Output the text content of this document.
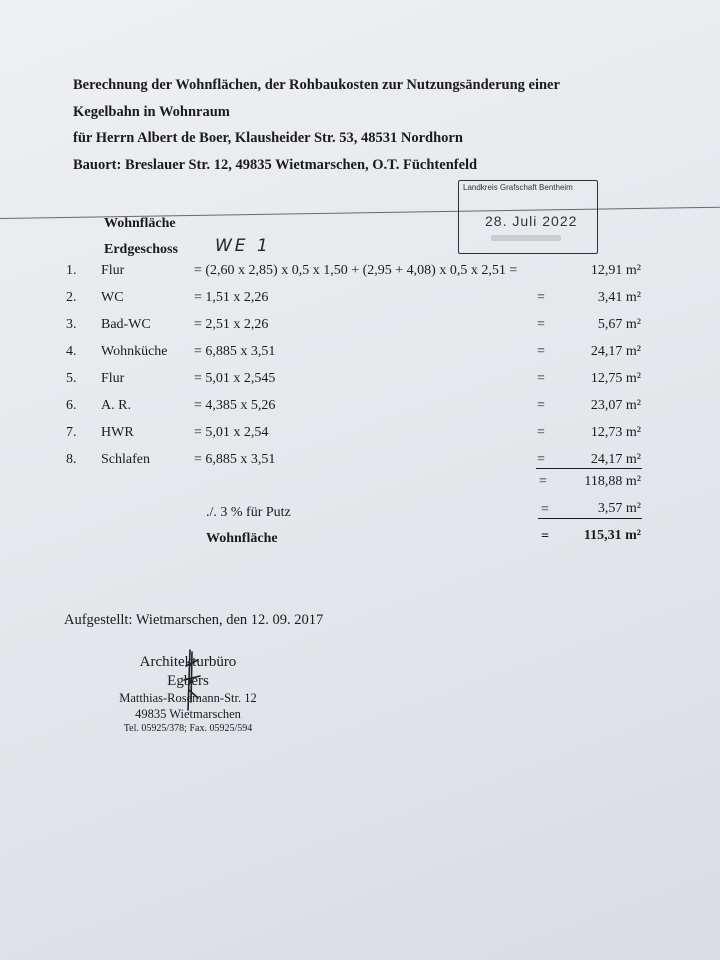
Berechnung der Wohnflächen, der Rohbaukosten zur Nutzungsänderung einer
Kegelbahn in Wohnraum
für Herrn Albert de Boer, Klausheider Str. 53, 48531 Nordhorn
Bauort: Breslauer Str. 12, 49835 Wietmarschen, O.T. Füchtenfeld
Landkreis Grafschaft Bentheim
28. Juli 2022
Wohnfläche
Erdgeschoss WE 1
1. Flur	= (2,60 x 2,85) x 0,5 x 1,50 + (2,95 + 4,08) x 0,5 x 2,51 =	12,91 m²
2. WC	= 1,51 x 2,26	=	3,41 m²
3. Bad-WC	= 2,51 x 2,26	=	5,67 m²
4. Wohnküche = 6,885 x 3,51	=	24,17 m²
5. Flur	= 5,01 x 2,545	=	12,75 m²
6. A. R.	= 4,385 x 5,26	=	23,07 m²
7. HWR	= 5,01 x 2,54	=	12,73 m²
8. Schlafen	= 6,885 x 3,51	=	24,17 m²
=	118,88 m²
./. 3 % für Putz	=	3,57 m²
Wohnfläche	= 115,31 m²
Aufgestellt: Wietmarschen, den 12. 09. 2017
Architekturbüro
Egbers
Matthias-Rosemann-Str. 12
49835 Wietmarschen
Tel. 05925/378; Fax. 05925/594
